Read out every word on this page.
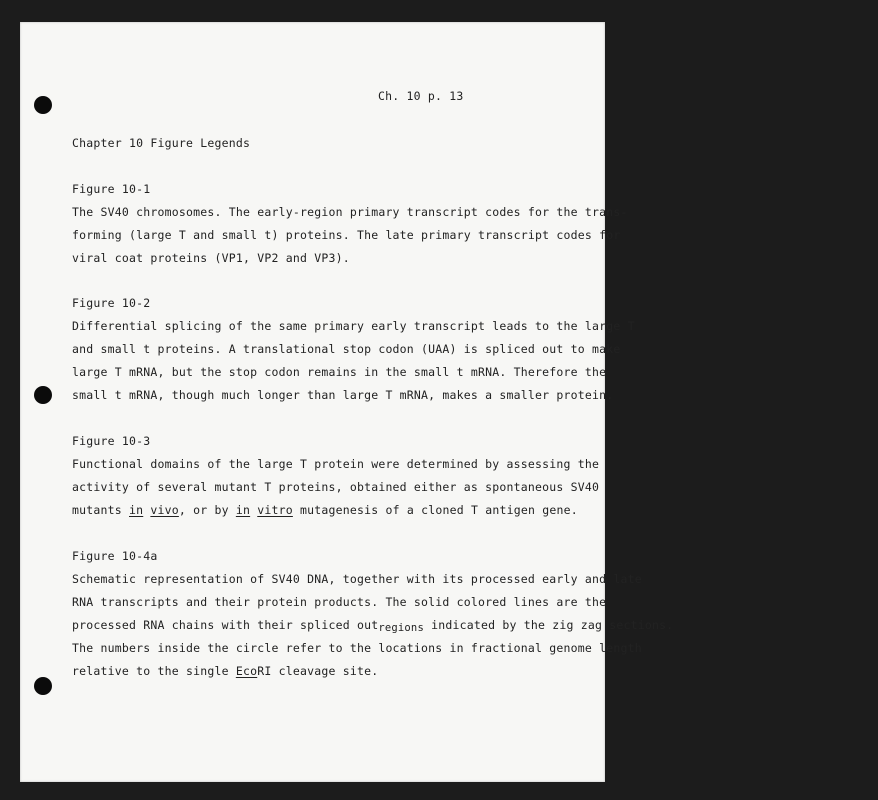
Ch. 10 p. 13
Chapter 10 Figure Legends
Figure 10-1
The SV40 chromosomes. The early-region primary transcript codes for the trans-
forming (large T and small t) proteins. The late primary transcript codes for
viral coat proteins (VP1, VP2 and VP3).
Figure 10-2
Differential splicing of the same primary early transcript leads to the large T
and small t proteins. A translational stop codon (UAA) is spliced out to make
large T mRNA, but the stop codon remains in the small t mRNA. Therefore the
small t mRNA, though much longer than large T mRNA, makes a smaller protein.
Figure 10-3
Functional domains of the large T protein were determined by assessing the
activity of several mutant T proteins, obtained either as spontaneous SV40
mutants in vivo, or by in vitro mutagenesis of a cloned T antigen gene.
Figure 10-4a
Schematic representation of SV40 DNA, together with its processed early and late
RNA transcripts and their protein products. The solid colored lines are the
processed RNA chains with their spliced outregions indicated by the zig zag sections.
The numbers inside the circle refer to the locations in fractional genome length
relative to the single EcoRI cleavage site.
